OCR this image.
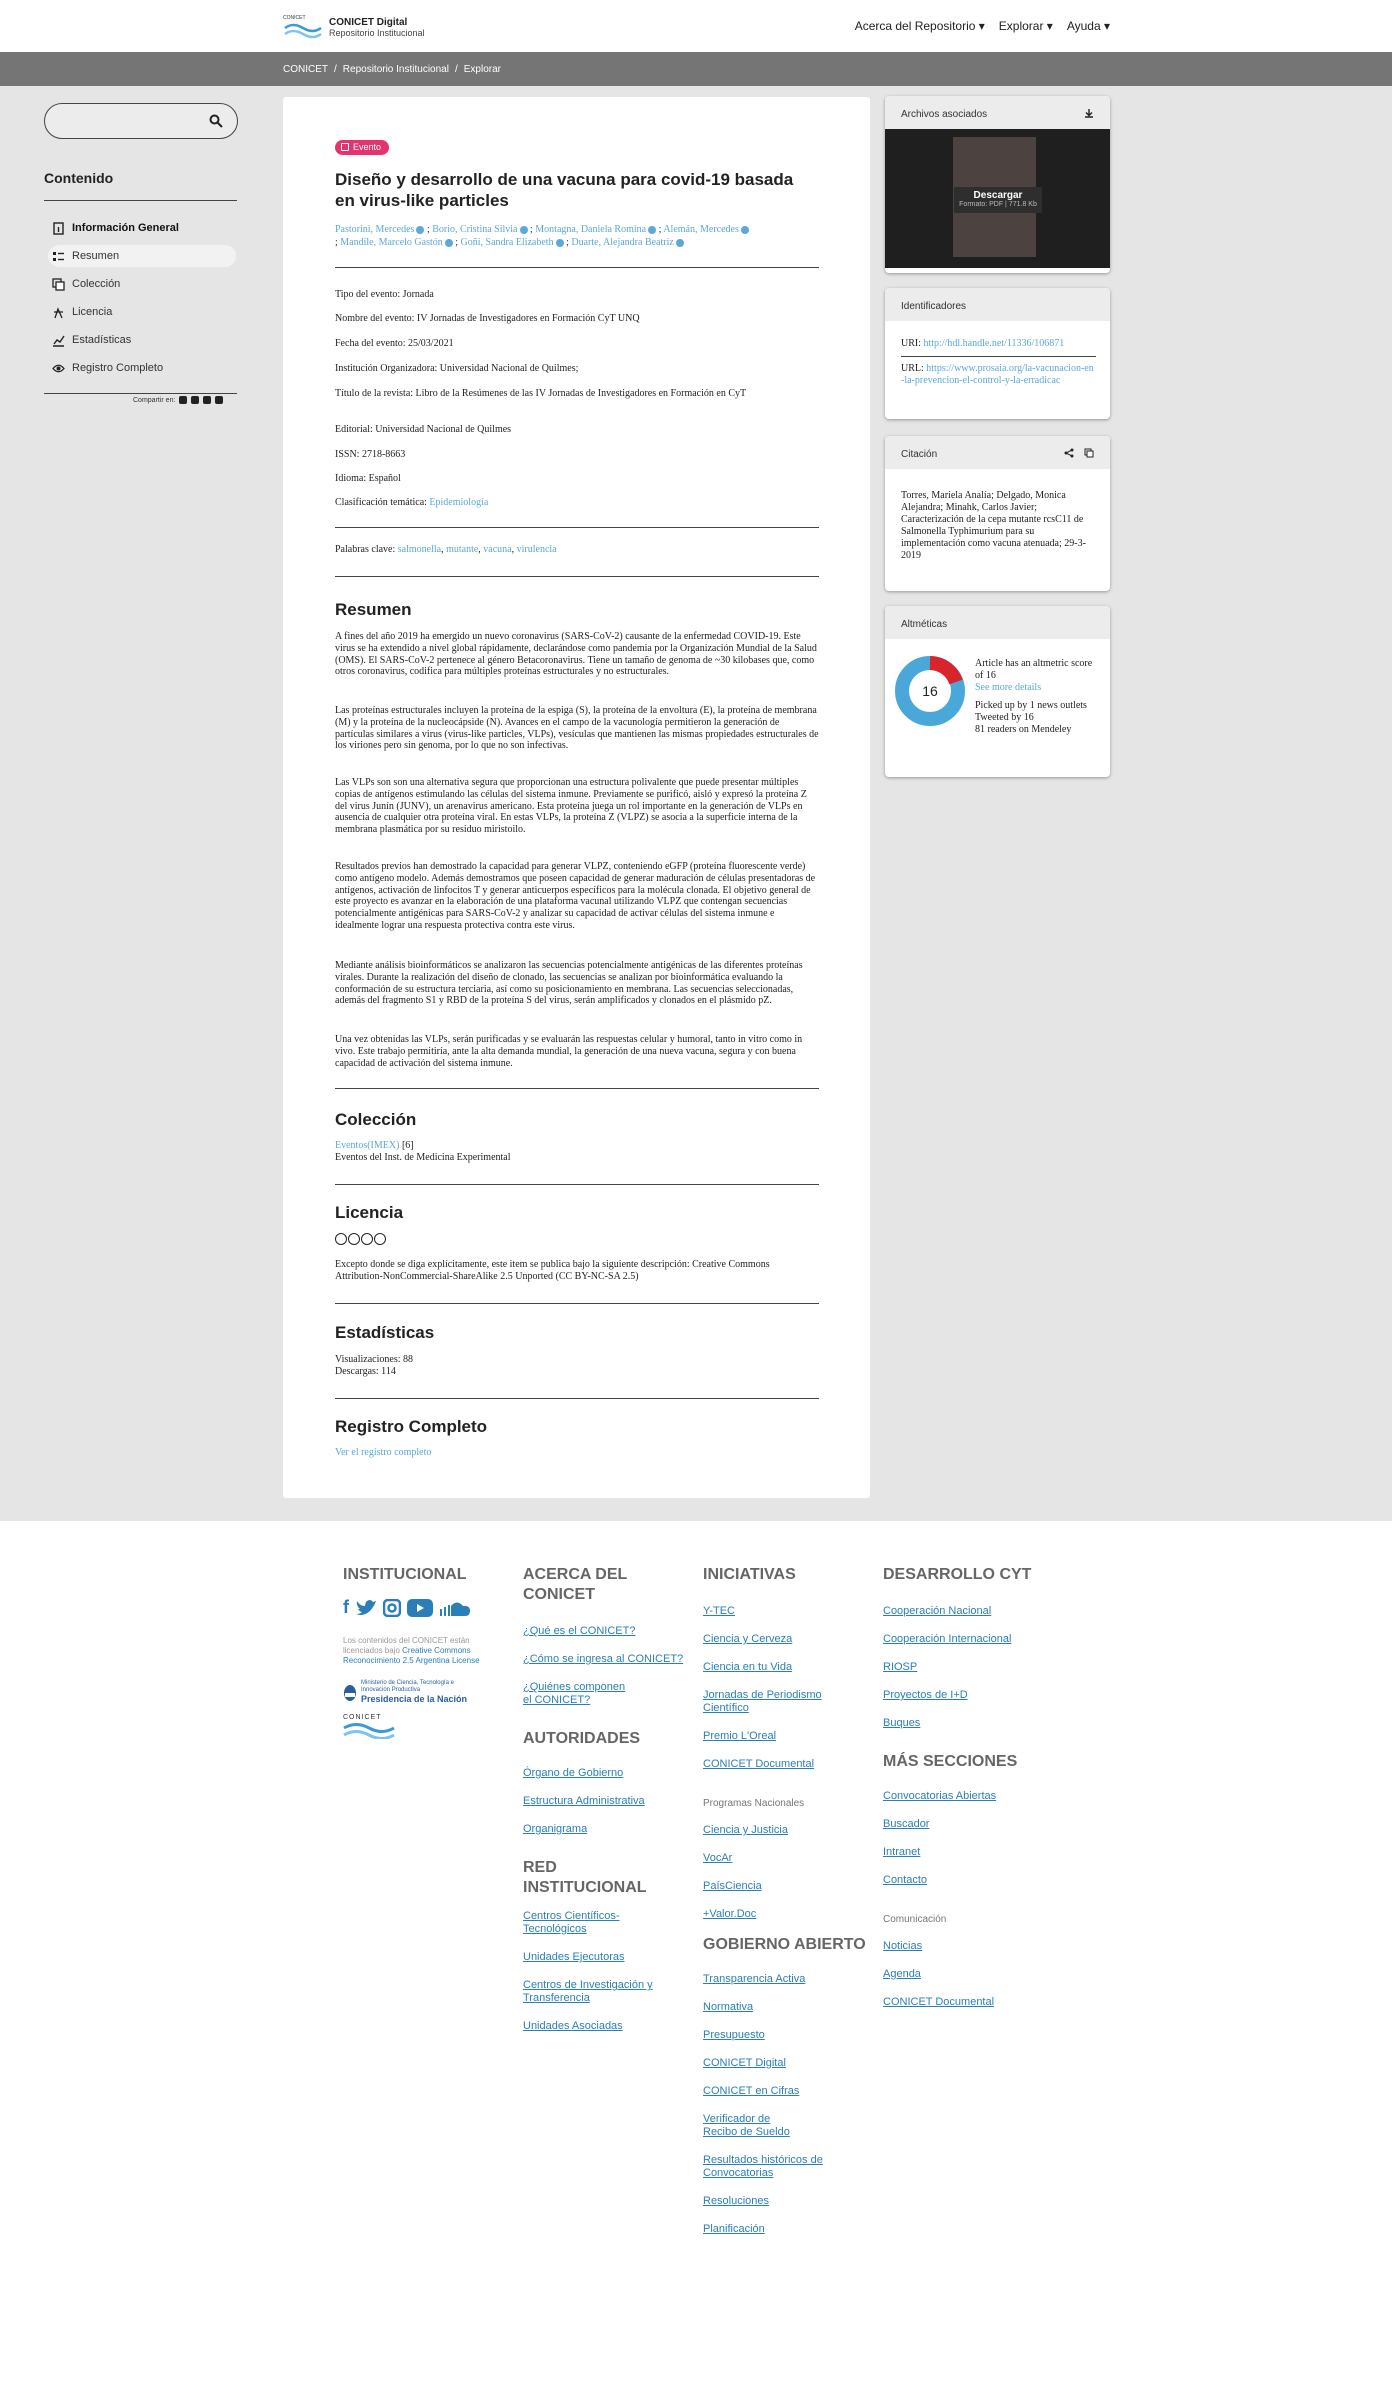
CONICET CONICET Digital
Repositorio Institucional	Acerca del Repositorio ▾ Explorar ▾ Ayuda ▾
CONICET / Repositorio Institucional / Explorar
Contenido
Información General
Resumen
Colección
Licencia
Estadísticas
Registro Completo
Compartir en:
Evento
Diseño y desarrollo de una vacuna para covid-19 basada en virus-like particles
Pastorini, Mercedes ; Borio, Cristina Silvia ; Montagna, Daniela Romina ; Alemán, Mercedes
; Mandile, Marcelo Gastón ; Goñi, Sandra Elizabeth ; Duarte, Alejandra Beatriz
Tipo del evento: Jornada
Nombre del evento: IV Jornadas de Investigadores en Formación CyT UNQ
Fecha del evento: 25/03/2021
Institución Organizadora: Universidad Nacional de Quilmes;
Título de la revista: Libro de la Resúmenes de las IV Jornadas de Investigadores en Formación en CyT
Editorial: Universidad Nacional de Quilmes
ISSN: 2718-8663
Idioma: Español
Clasificación temática: Epidemiología
Palabras clave: salmonella, mutante, vacuna, virulencia
Resumen
A fines del año 2019 ha emergido un nuevo coronavirus (SARS-CoV-2) causante de la enfermedad COVID-19. Este virus se ha extendido a nivel global rápidamente, declarándose como pandemia por la Organización Mundial de la Salud (OMS). El SARS-CoV-2 pertenece al género Betacoronavirus. Tiene un tamaño de genoma de ~30 kilobases que, como otros coronavirus, codifica para múltiples proteínas estructurales y no estructurales.
Las proteínas estructurales incluyen la proteína de la espiga (S), la proteína de la envoltura (E), la proteína de membrana (M) y la proteína de la nucleocápside (N). Avances en el campo de la vacunología permitieron la generación de partículas similares a virus (virus-like particles, VLPs), vesículas que mantienen las mismas propiedades estructurales de los viriones pero sin genoma, por lo que no son infectivas.
Las VLPs son son una alternativa segura que proporcionan una estructura polivalente que puede presentar múltiples copias de antígenos estimulando las células del sistema inmune. Previamente se purificó, aisló y expresó la proteína Z del virus Junín (JUNV), un arenavirus americano. Esta proteína juega un rol importante en la generación de VLPs en ausencia de cualquier otra proteína viral. En estas VLPs, la proteína Z (VLPZ) se asocia a la superficie interna de la membrana plasmática por su residuo miristoilo.
Resultados previos han demostrado la capacidad para generar VLPZ, conteniendo eGFP (proteína fluorescente verde) como antígeno modelo. Además demostramos que poseen capacidad de generar maduración de células presentadoras de antígenos, activación de linfocitos T y generar anticuerpos específicos para la molécula clonada. El objetivo general de este proyecto es avanzar en la elaboración de una plataforma vacunal utilizando VLPZ que contengan secuencias potencialmente antigénicas para SARS-CoV-2 y analizar su capacidad de activar células del sistema inmune e idealmente lograr una respuesta protectiva contra este virus.
Mediante análisis bioinformáticos se analizaron las secuencias potencialmente antigénicas de las diferentes proteínas virales. Durante la realización del diseño de clonado, las secuencias se analizan por bioinformática evaluando la conformación de su estructura terciaria, así como su posicionamiento en membrana. Las secuencias seleccionadas, además del fragmento S1 y RBD de la proteína S del virus, serán amplificados y clonados en el plásmido pZ.
Una vez obtenidas las VLPs, serán purificadas y se evaluarán las respuestas celular y humoral, tanto in vitro como in vivo. Este trabajo permitiría, ante la alta demanda mundial, la generación de una nueva vacuna, segura y con buena capacidad de activación del sistema inmune.
Colección
Eventos(IMEX) [6]
Eventos del Inst. de Medicina Experimental
Licencia
Excepto donde se diga explícitamente, este item se publica bajo la siguiente descripción: Creative Commons Attribution-NonCommercial-ShareAlike 2.5 Unported (CC BY-NC-SA 2.5)
Estadísticas
Visualizaciones: 88
Descargas: 114
Registro Completo
Ver el registro completo
Archivos asociados
Descargar
Formato: PDF | 771.8 Kb
Identificadores
URI: http://hdl.handle.net/11336/106871
URL: https://www.prosaia.org/la-vacunacion-en-la-prevencion-el-control-y-la-erradicac
Citación
Torres, Mariela Analía; Delgado, Monica Alejandra; Minahk, Carlos Javier; Caracterización de la cepa mutante rcsC11 de Salmonella Typhimurium para su implementación como vacuna atenuada; 29-3-2019
Altméticas
16
Article has an altmetric score of 16
See more details
Picked up by 1 news outlets
Tweeted by 16
81 readers on Mendeley
INSTITUCIONAL
f
Los contenidos del CONICET están licenciados bajo Creative Commons Reconocimiento 2.5 Argentina License
Ministerio de Ciencia, Tecnología e Innovación Productiva
Presidencia de la Nación
CONICET
ACERCA DEL CONICET
¿Qué es el CONICET?
¿Cómo se ingresa al CONICET?
¿Quiénes componen el CONICET?
AUTORIDADES
Órgano de Gobierno
Estructura Administrativa
Organigrama
RED INSTITUCIONAL
Centros Científicos-Tecnológicos
Unidades Ejecutoras
Centros de Investigación y Transferencia
Unidades Asociadas
INICIATIVAS
Y-TEC
Ciencia y Cerveza
Ciencia en tu Vida
Jornadas de Periodismo Científico
Premio L'Oreal
CONICET Documental
Programas Nacionales
Ciencia y Justicia
VocAr
PaísCiencia
+Valor.Doc
GOBIERNO ABIERTO
Transparencia Activa
Normativa
Presupuesto
CONICET Digital
CONICET en Cifras
Verificador de Recibo de Sueldo
Resultados históricos de Convocatorias
Resoluciones
Planificación
DESARROLLO CYT
Cooperación Nacional
Cooperación Internacional
RIOSP
Proyectos de I+D
Buques
MÁS SECCIONES
Convocatorias Abiertas
Buscador
Intranet
Contacto
Comunicación
Noticias
Agenda
CONICET Documental
